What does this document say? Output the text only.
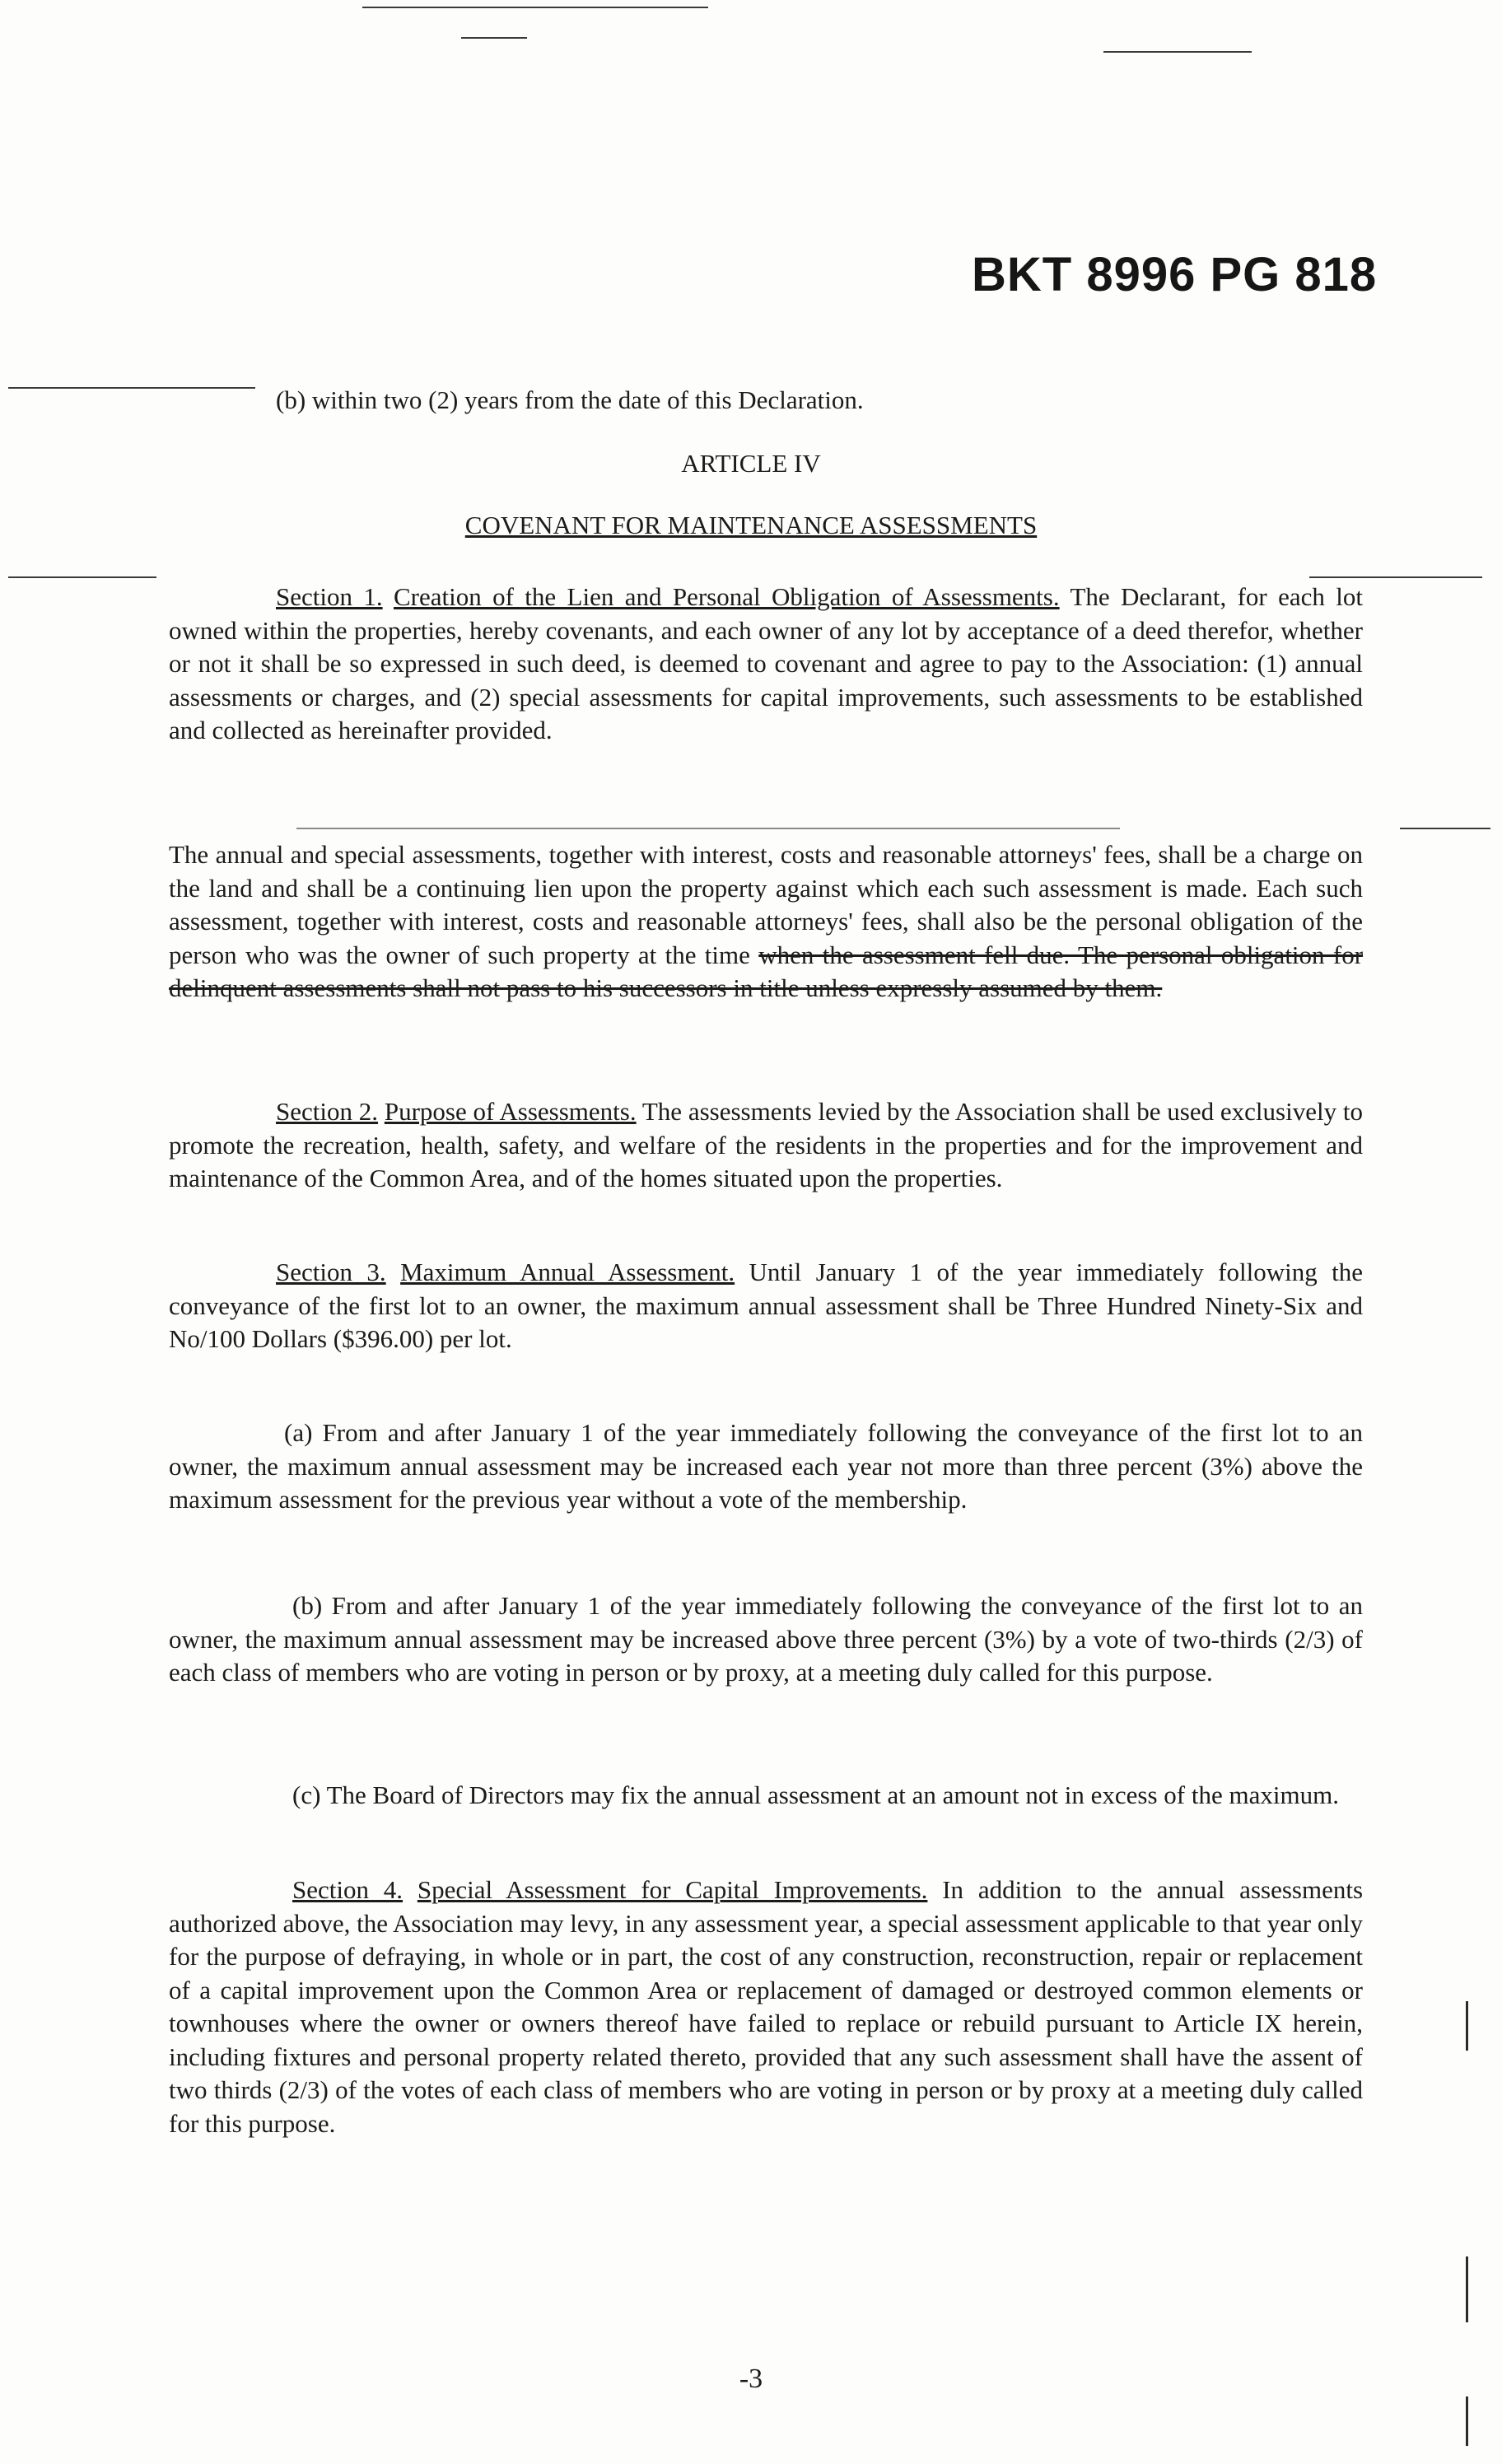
BKT 8996 PG 818
(b) within two (2) years from the date of this Declaration.
ARTICLE IV
COVENANT FOR MAINTENANCE ASSESSMENTS
Section 1. Creation of the Lien and Personal Obligation of Assessments. The Declarant, for each lot owned within the properties, hereby covenants, and each owner of any lot by acceptance of a deed therefor, whether or not it shall be so expressed in such deed, is deemed to covenant and agree to pay to the Association: (1) annual assessments or charges, and (2) special assessments for capital improvements, such assessments to be established and collected as hereinafter provided.
The annual and special assessments, together with interest, costs and reasonable attorneys' fees, shall be a charge on the land and shall be a continuing lien upon the property against which each such assessment is made. Each such assessment, together with interest, costs and reasonable attorneys' fees, shall also be the personal obligation of the person who was the owner of such property at the time when the assessment fell due. The personal obligation for delinquent assessments shall not pass to his successors in title unless expressly assumed by them.
Section 2. Purpose of Assessments. The assessments levied by the Association shall be used exclusively to promote the recreation, health, safety, and welfare of the residents in the properties and for the improvement and maintenance of the Common Area, and of the homes situated upon the properties.
Section 3. Maximum Annual Assessment. Until January 1 of the year immediately following the conveyance of the first lot to an owner, the maximum annual assessment shall be Three Hundred Ninety-Six and No/100 Dollars ($396.00) per lot.
(a) From and after January 1 of the year immediately following the conveyance of the first lot to an owner, the maximum annual assessment may be increased each year not more than three percent (3%) above the maximum assessment for the previous year without a vote of the membership.
(b) From and after January 1 of the year immediately following the conveyance of the first lot to an owner, the maximum annual assessment may be increased above three percent (3%) by a vote of two-thirds (2/3) of each class of members who are voting in person or by proxy, at a meeting duly called for this purpose.
(c) The Board of Directors may fix the annual assessment at an amount not in excess of the maximum.
Section 4. Special Assessment for Capital Improvements. In addition to the annual assessments authorized above, the Association may levy, in any assessment year, a special assessment applicable to that year only for the purpose of defraying, in whole or in part, the cost of any construction, reconstruction, repair or replacement of a capital improvement upon the Common Area or replacement of damaged or destroyed common elements or townhouses where the owner or owners thereof have failed to replace or rebuild pursuant to Article IX herein, including fixtures and personal property related thereto, provided that any such assessment shall have the assent of two thirds (2/3) of the votes of each class of members who are voting in person or by proxy at a meeting duly called for this purpose.
-3
